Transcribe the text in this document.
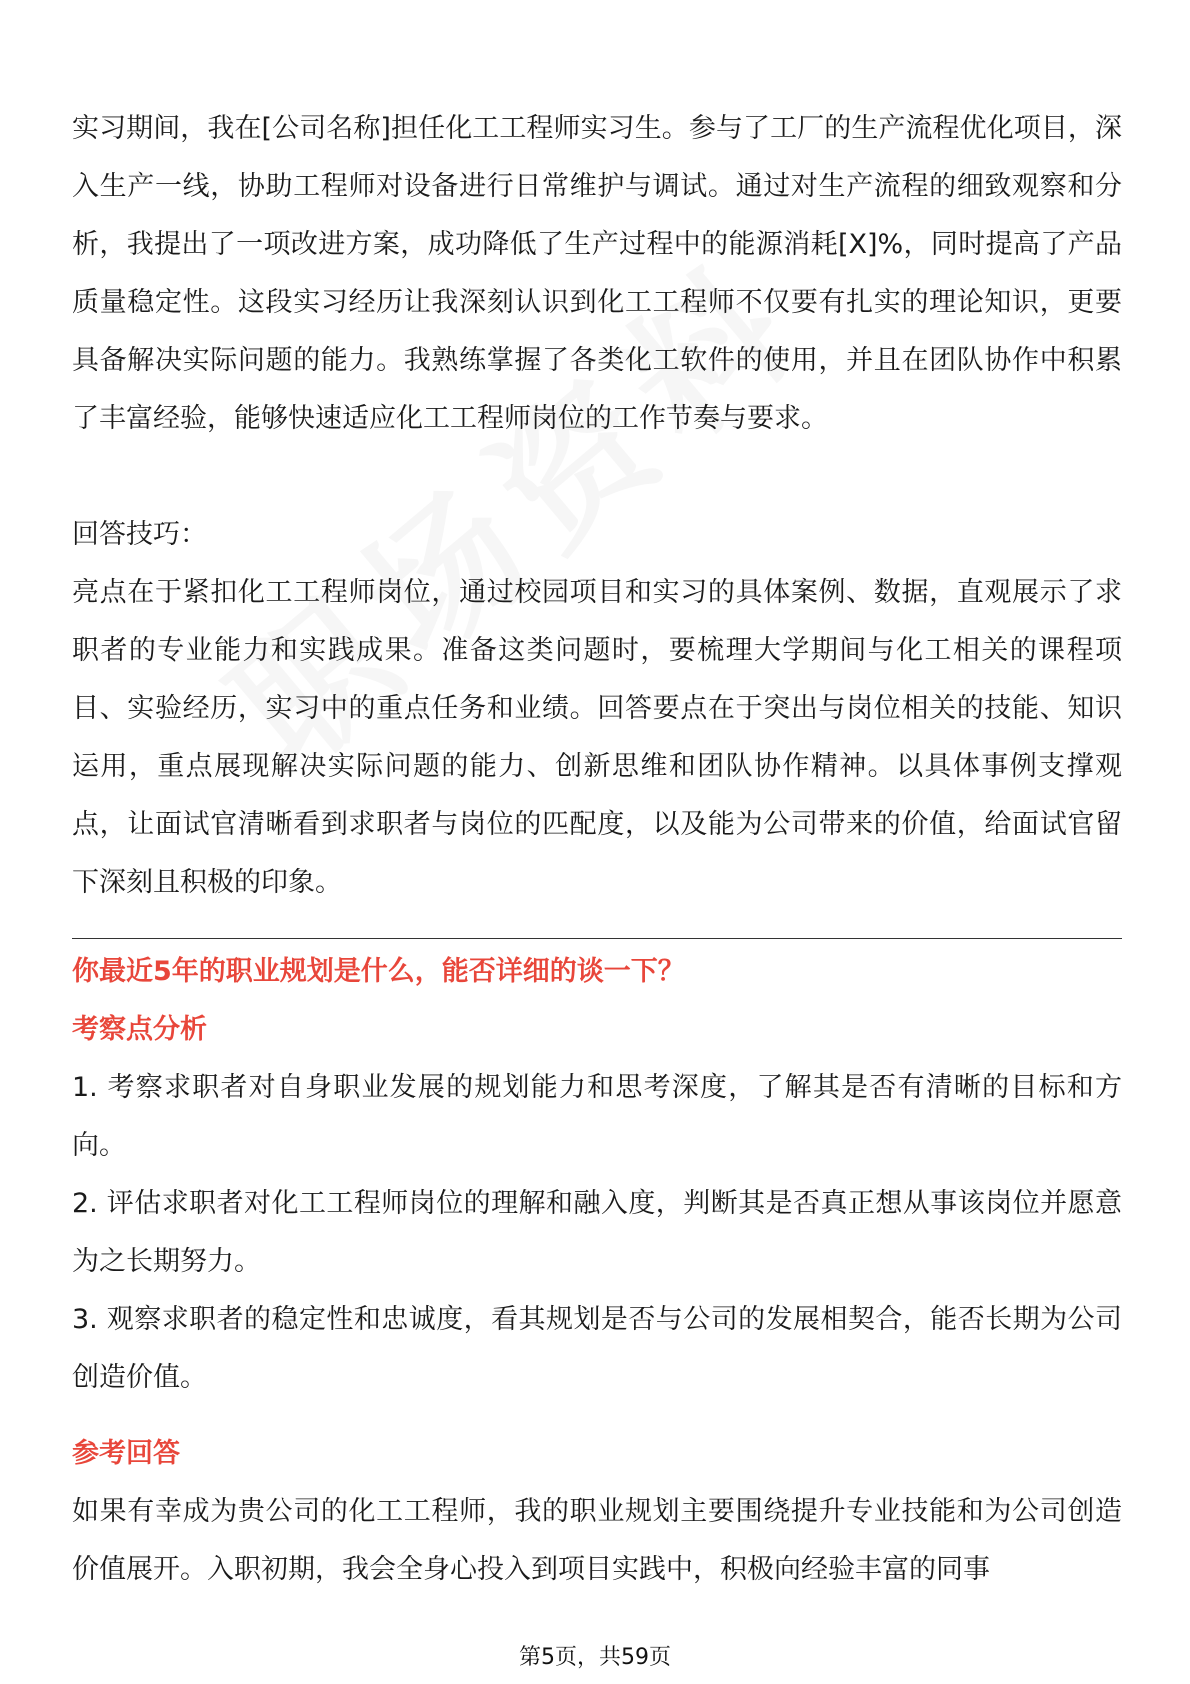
实习期间，我在[公司名称]担任化工工程师实习生。参与了工厂的生产流程优化项目，深入生产一线，协助工程师对设备进行日常维护与调试。通过对生产流程的细致观察和分析，我提出了一项改进方案，成功降低了生产过程中的能源消耗[X]%，同时提高了产品质量稳定性。这段实习经历让我深刻认识到化工工程师不仅要有扎实的理论知识，更要具备解决实际问题的能力。我熟练掌握了各类化工软件的使用，并且在团队协作中积累了丰富经验，能够快速适应化工工程师岗位的工作节奏与要求。

回答技巧：

亮点在于紧扣化工工程师岗位，通过校园项目和实习的具体案例、数据，直观展示了求职者的专业能力和实践成果。准备这类问题时，要梳理大学期间与化工相关的课程项目、实验经历，实习中的重点任务和业绩。回答要点在于突出与岗位相关的技能、知识运用，重点展现解决实际问题的能力、创新思维和团队协作精神。以具体事例支撑观点，让面试官清晰看到求职者与岗位的匹配度，以及能为公司带来的价值，给面试官留下深刻且积极的印象。

你最近5年的职业规划是什么，能否详细的谈一下？

考察点分析

1. 考察求职者对自身职业发展的规划能力和思考深度，了解其是否有清晰的目标和方向。

2. 评估求职者对化工工程师岗位的理解和融入度，判断其是否真正想从事该岗位并愿意为之长期努力。

3. 观察求职者的稳定性和忠诚度，看其规划是否与公司的发展相契合，能否长期为公司创造价值。

参考回答

如果有幸成为贵公司的化工工程师，我的职业规划主要围绕提升专业技能和为公司创造价值展开。入职初期，我会全身心投入到项目实践中，积极向经验丰富的同事

第5页，共59页
